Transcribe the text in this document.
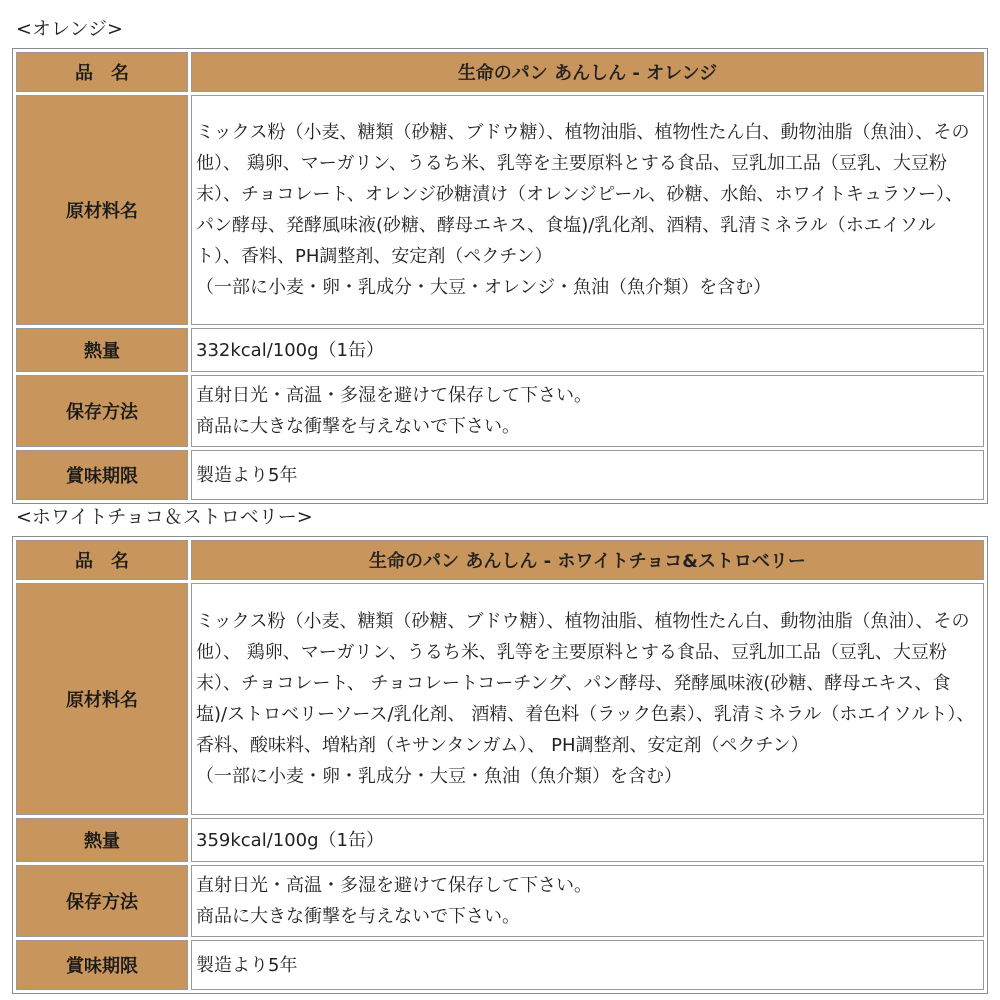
<オレンジ>
品　名	生命のパン あんしん - オレンジ
原材料名	ミックス粉（小麦、糖類（砂糖、ブドウ糖）、植物油脂、植物性たん白、動物油脂（魚油）、その他）、 鶏卵、マーガリン、うるち米、乳等を主要原料とする食品、豆乳加工品（豆乳、大豆粉末）、チョコレート、オレンジ砂糖漬け（オレンジピール、砂糖、水飴、ホワイトキュラソー）、パン酵母、発酵風味液(砂糖、酵母エキス、食塩)/乳化剤、酒精、乳清ミネラル（ホエイソルト）、香料、PH調整剤、安定剤（ペクチン）
（一部に小麦・卵・乳成分・大豆・オレンジ・魚油（魚介類）を含む）

熱量	332kcal/100g（1缶）
保存方法	直射日光・高温・多湿を避けて保存して下さい。
商品に大きな衝撃を与えないで下さい。

賞味期限	製造より5年
<ホワイトチョコ＆ストロベリー>
品　名	生命のパン あんしん - ホワイトチョコ&ストロベリー
原材料名	ミックス粉（小麦、糖類（砂糖、ブドウ糖）、植物油脂、植物性たん白、動物油脂（魚油）、その他）、 鶏卵、マーガリン、うるち米、乳等を主要原料とする食品、豆乳加工品（豆乳、大豆粉末）、チョコレート、 チョコレートコーチング、パン酵母、発酵風味液(砂糖、酵母エキス、食塩)/ストロベリーソース/乳化剤、 酒精、着色料（ラック色素）、乳清ミネラル（ホエイソルト）、香料、酸味料、増粘剤（キサンタンガム）、 PH調整剤、安定剤（ペクチン）
（一部に小麦・卵・乳成分・大豆・魚油（魚介類）を含む）

熱量	359kcal/100g（1缶）
保存方法	直射日光・高温・多湿を避けて保存して下さい。
商品に大きな衝撃を与えないで下さい。

賞味期限	製造より5年
